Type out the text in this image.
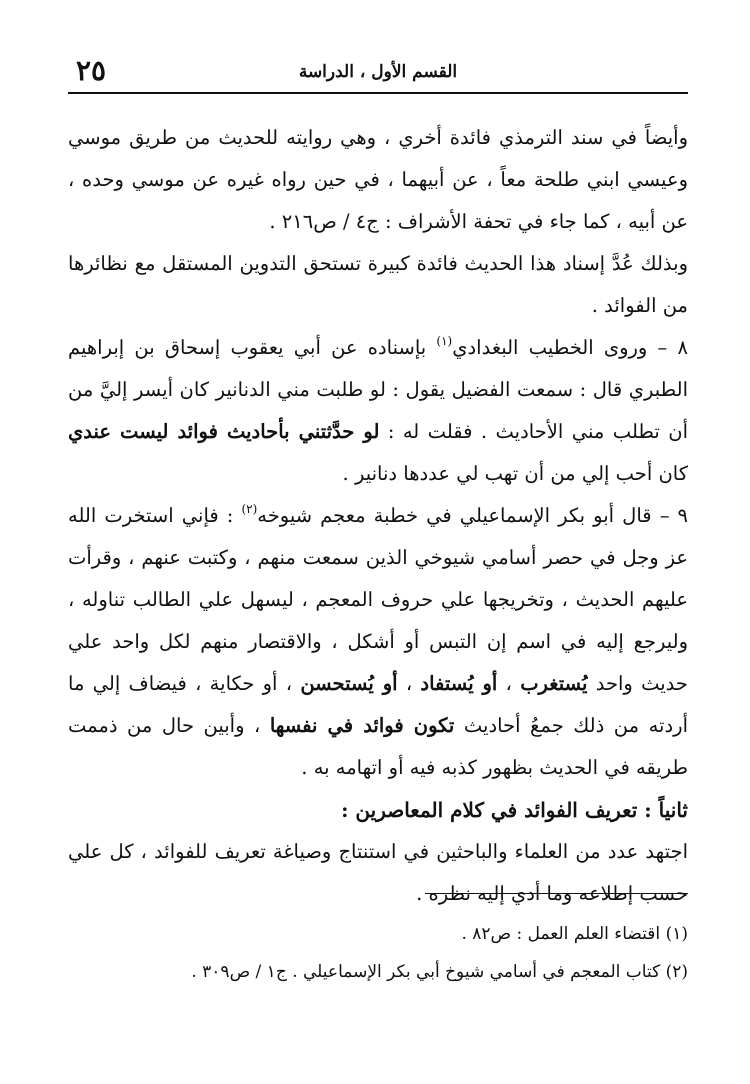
القسم الأول ، الدراسة
٢٥

وأيضاً في سند الترمذي فائدة أخري ، وهي روايته للحديث من طريق موسي وعيسي ابني طلحة معاً ، عن أبيهما ، في حين رواه غيره عن موسي وحده ، عن أبيه ، كما جاء في تحفة الأشراف : ج٤ / ص٢١٦ .

وبذلك عُدَّ إسناد هذا الحديث فائدة كبيرة تستحق التدوين المستقل مع نظائرها من الفوائد .

٨ – وروى الخطيب البغدادي$^{(١)}$ بإسناده عن أبي يعقوب إسحاق بن إبراهيم الطبري قال : سمعت الفضيل يقول : لو طلبت مني الدنانير كان أيسر إليَّ من أن تطلب مني الأحاديث . فقلت له : لو حدَّثتني بأحاديث فوائد ليست عندي كان أحب إلي من أن تهب لي عددها دنانير .

٩ – قال أبو بكر الإسماعيلي في خطبة معجم شيوخه$^{(٢)}$ : فإني استخرت الله عز وجل في حصر أسامي شيوخي الذين سمعت منهم ، وكتبت عنهم ، وقرأت عليهم الحديث ، وتخريجها علي حروف المعجم ، ليسهل علي الطالب تناوله ، وليرجع إليه في اسم إن التبس أو أشكل ، والاقتصار منهم لكل واحد علي حديث واحد يُستغرب ، أو يُستفاد ، أو يُستحسن ، أو حكاية ، فيضاف إلي ما أردته من ذلك جمعُ أحاديث تكون فوائد في نفسها ، وأبين حال من ذممت طريقه في الحديث بظهور كذبه فيه أو اتهامه به .

ثانياً : تعريف الفوائد في كلام المعاصرين :

اجتهد عدد من العلماء والباحثين في استنتاج وصياغة تعريف للفوائد ، كل علي حسب إطلاعه وما أدي إليه نظره .

(١) اقتضاء العلم العمل : ص٨٢ .

(٢) كتاب المعجم في أسامي شيوخ أبي بكر الإسماعيلي . ج١ / ص٣٠٩ .
